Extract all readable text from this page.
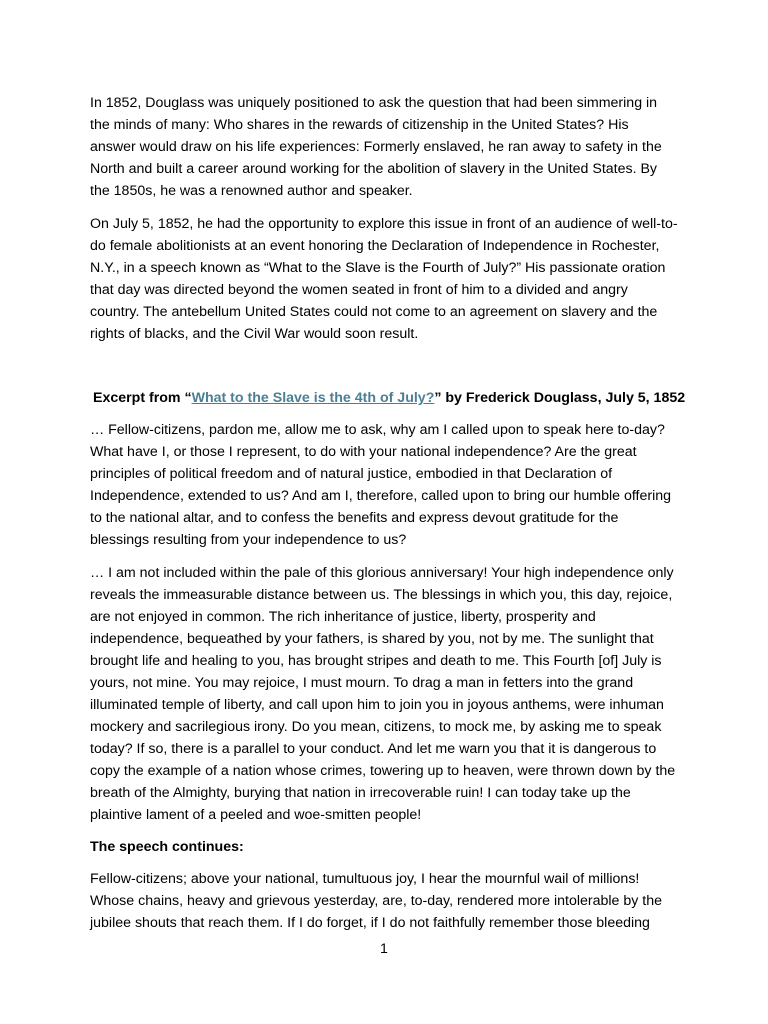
In 1852, Douglass was uniquely positioned to ask the question that had been simmering in the minds of many: Who shares in the rewards of citizenship in the United States? His answer would draw on his life experiences: Formerly enslaved, he ran away to safety in the North and built a career around working for the abolition of slavery in the United States. By the 1850s, he was a renowned author and speaker.

On July 5, 1852, he had the opportunity to explore this issue in front of an audience of well-to-do female abolitionists at an event honoring the Declaration of Independence in Rochester, N.Y., in a speech known as “What to the Slave is the Fourth of July?” His passionate oration that day was directed beyond the women seated in front of him to a divided and angry country. The antebellum United States could not come to an agreement on slavery and the rights of blacks, and the Civil War would soon result.

Excerpt from “What to the Slave is the 4th of July?” by Frederick Douglass, July 5, 1852

… Fellow-citizens, pardon me, allow me to ask, why am I called upon to speak here to-day? What have I, or those I represent, to do with your national independence? Are the great principles of political freedom and of natural justice, embodied in that Declaration of Independence, extended to us? And am I, therefore, called upon to bring our humble offering to the national altar, and to confess the benefits and express devout gratitude for the blessings resulting from your independence to us?

… I am not included within the pale of this glorious anniversary! Your high independence only reveals the immeasurable distance between us. The blessings in which you, this day, rejoice, are not enjoyed in common. The rich inheritance of justice, liberty, prosperity and independence, bequeathed by your fathers, is shared by you, not by me. The sunlight that brought life and healing to you, has brought stripes and death to me. This Fourth [of] July is yours, not mine. You may rejoice, I must mourn. To drag a man in fetters into the grand illuminated temple of liberty, and call upon him to join you in joyous anthems, were inhuman mockery and sacrilegious irony. Do you mean, citizens, to mock me, by asking me to speak today? If so, there is a parallel to your conduct. And let me warn you that it is dangerous to copy the example of a nation whose crimes, towering up to heaven, were thrown down by the breath of the Almighty, burying that nation in irrecoverable ruin! I can today take up the plaintive lament of a peeled and woe-smitten people!

The speech continues:

Fellow-citizens; above your national, tumultuous joy, I hear the mournful wail of millions! Whose chains, heavy and grievous yesterday, are, to-day, rendered more intolerable by the jubilee shouts that reach them. If I do forget, if I do not faithfully remember those bleeding

1
